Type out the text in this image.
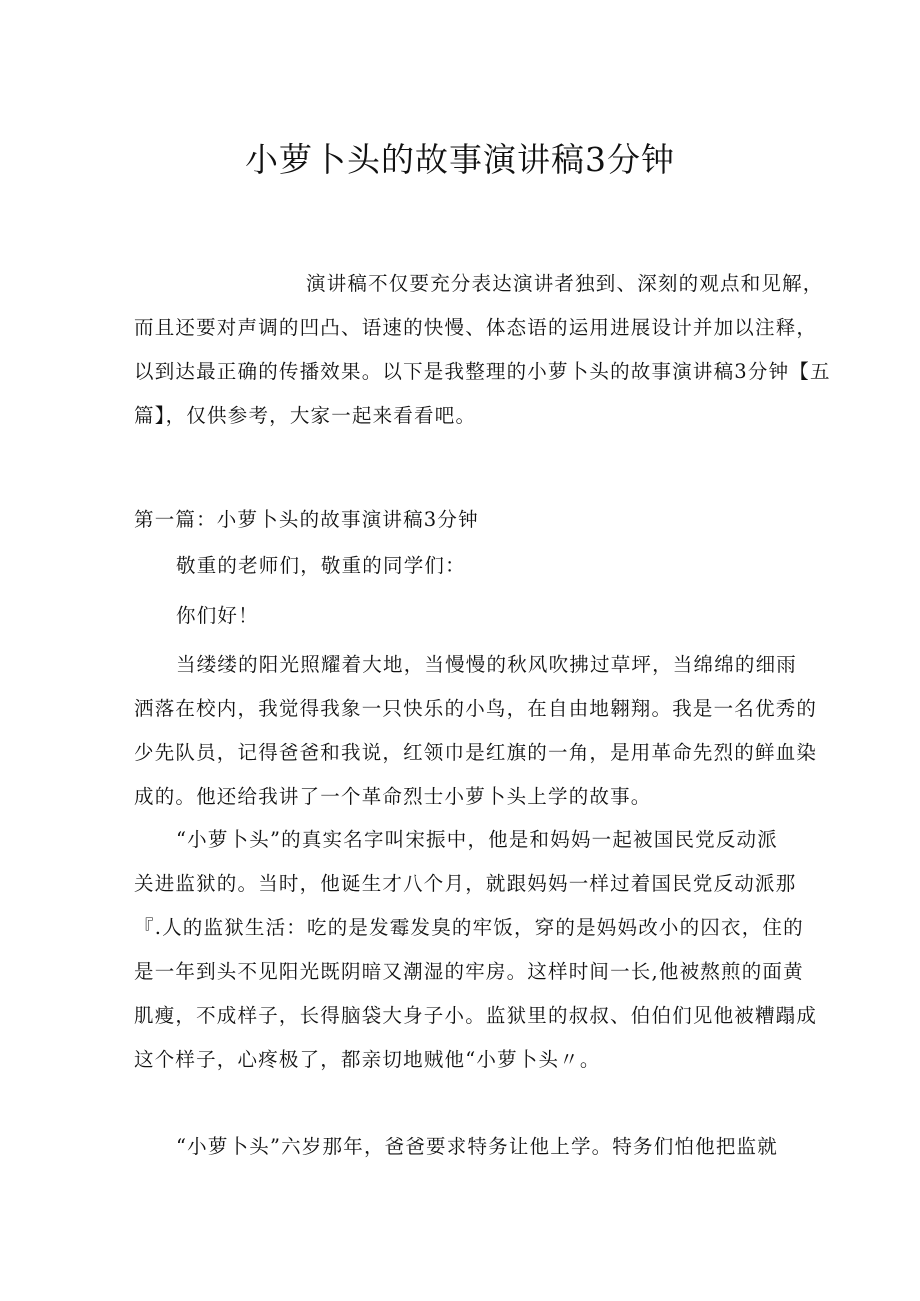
小萝卜头的故事演讲稿3分钟
演讲稿不仅要充分表达演讲者独到、深刻的观点和见解，
而且还要对声调的凹凸、语速的快慢、体态语的运用进展设计并加以注释，
以到达最正确的传播效果。以下是我整理的小萝卜头的故事演讲稿3分钟【五
篇】，仅供参考，大家一起来看看吧。
第一篇：小萝卜头的故事演讲稿3分钟
敬重的老师们，敬重的同学们：
你们好！
当缕缕的阳光照耀着大地，当慢慢的秋风吹拂过草坪，当绵绵的细雨
洒落在校内，我觉得我象一只快乐的小鸟，在自由地翱翔。我是一名优秀的
少先队员，记得爸爸和我说，红领巾是红旗的一角，是用革命先烈的鲜血染
成的。他还给我讲了一个革命烈士小萝卜头上学的故事。
“小萝卜头”的真实名字叫宋振中，他是和妈妈一起被国民党反动派
关进监狱的。当时，他诞生才八个月，就跟妈妈一样过着国民党反动派那
『.人的监狱生活：吃的是发霉发臭的牢饭，穿的是妈妈改小的囚衣，住的
是一年到头不见阳光既阴暗又潮湿的牢房。这样时间一长,他被熬煎的面黄
肌瘦，不成样子，长得脑袋大身子小。监狱里的叔叔、伯伯们见他被糟蹋成
这个样子，心疼极了，都亲切地贼他“小萝卜头〃。
“小萝卜头”六岁那年，爸爸要求特务让他上学。特务们怕他把监就
